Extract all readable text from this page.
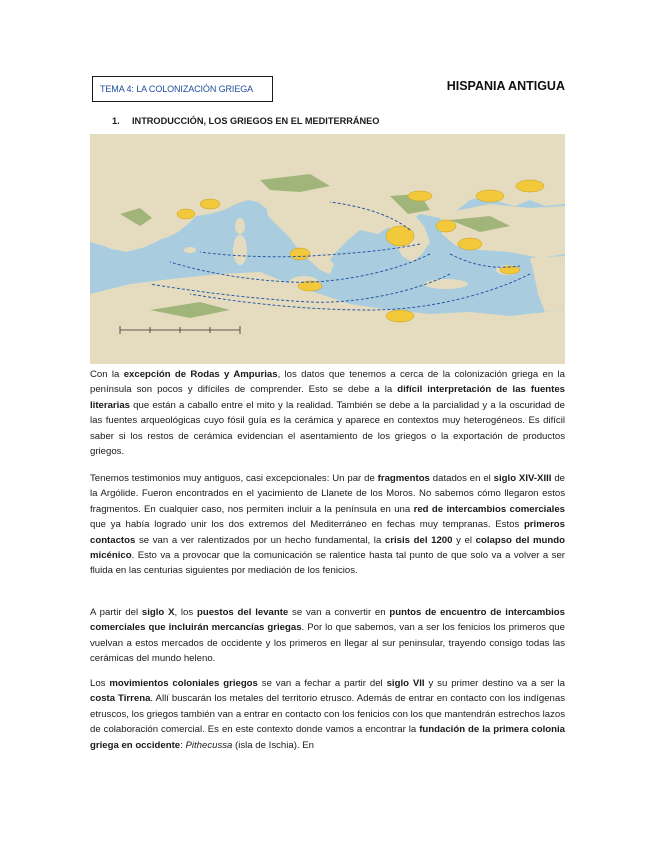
TEMA 4: LA COLONIZACIÓN GRIEGA	HISPANIA ANTIGUA
1. INTRODUCCIÓN, LOS GRIEGOS EN EL MEDITERRÁNEO

Con la excepción de Rodas y Ampurias, los datos que tenemos a cerca de la colonización griega en la península son pocos y difíciles de comprender. Esto se debe a la difícil interpretación de las fuentes literarias que están a caballo entre el mito y la realidad. También se debe a la parcialidad y a la oscuridad de las fuentes arqueológicas cuyo fósil guía es la cerámica y aparece en contextos muy heterogéneos. Es difícil saber si los restos de cerámica evidencian el asentamiento de los griegos o la exportación de productos griegos.

Tenemos testimonios muy antiguos, casi excepcionales: Un par de fragmentos datados en el siglo XIV-XIII de la Argólide. Fueron encontrados en el yacimiento de Llanete de los Moros. No sabemos cómo llegaron estos fragmentos. En cualquier caso, nos permiten incluir a la península en una red de intercambios comerciales que ya había logrado unir los dos extremos del Mediterráneo en fechas muy tempranas. Estos primeros contactos se van a ver ralentizados por un hecho fundamental, la crisis del 1200 y el colapso del mundo micénico. Esto va a provocar que la comunicación se ralentice hasta tal punto de que solo va a volver a ser fluida en las centurias siguientes por mediación de los fenicios.

A partir del siglo X, los puestos del levante se van a convertir en puntos de encuentro de intercambios comerciales que incluirán mercancías griegas. Por lo que sabemos, van a ser los fenicios los primeros que vuelvan a estos mercados de occidente y los primeros en llegar al sur peninsular, trayendo consigo todas las cerámicas del mundo heleno.

Los movimientos coloniales griegos se van a fechar a partir del siglo VII y su primer destino va a ser la costa Tirrena. Allí buscarán los metales del territorio etrusco. Además de entrar en contacto con los indígenas etruscos, los griegos también van a entrar en contacto con los fenicios con los que mantendrán estrechos lazos de colaboración comercial. Es en este contexto donde vamos a encontrar la fundación de la primera colonia griega en occidente: Pithecussa (isla de Ischia). En
